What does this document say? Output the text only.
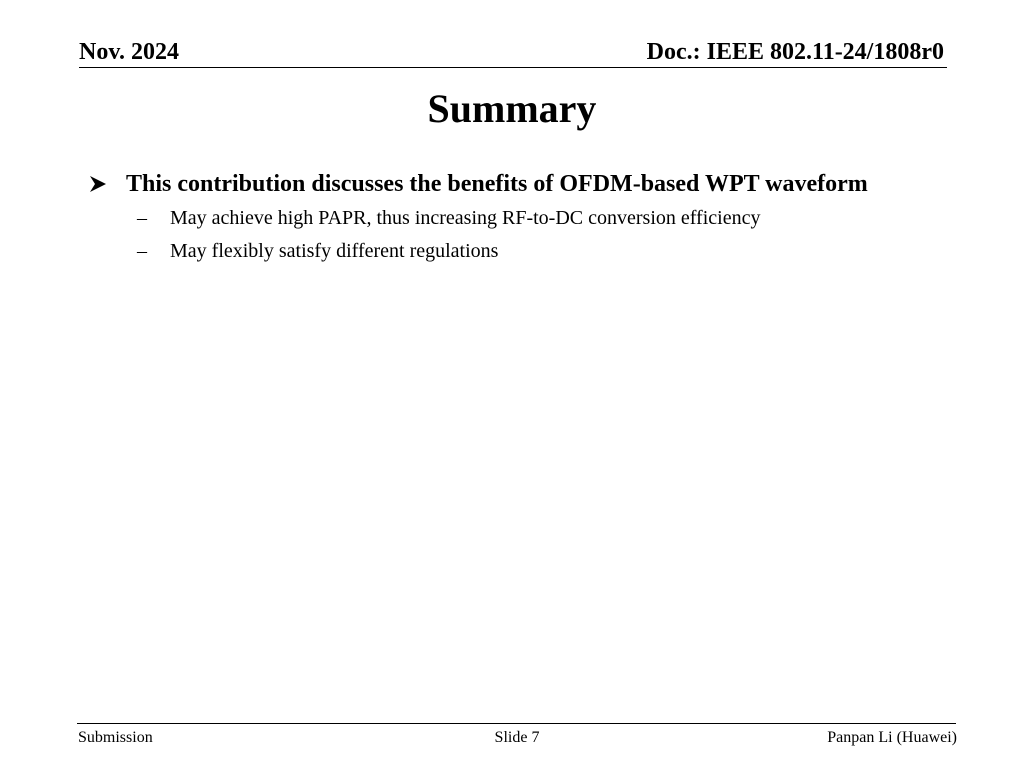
Nov. 2024	Doc.: IEEE 802.11-24/1808r0
Summary
This contribution discusses the benefits of OFDM-based WPT waveform
– May achieve high PAPR, thus increasing RF-to-DC conversion efficiency
– May flexibly satisfy different regulations
Submission	Slide 7	Panpan Li (Huawei)
